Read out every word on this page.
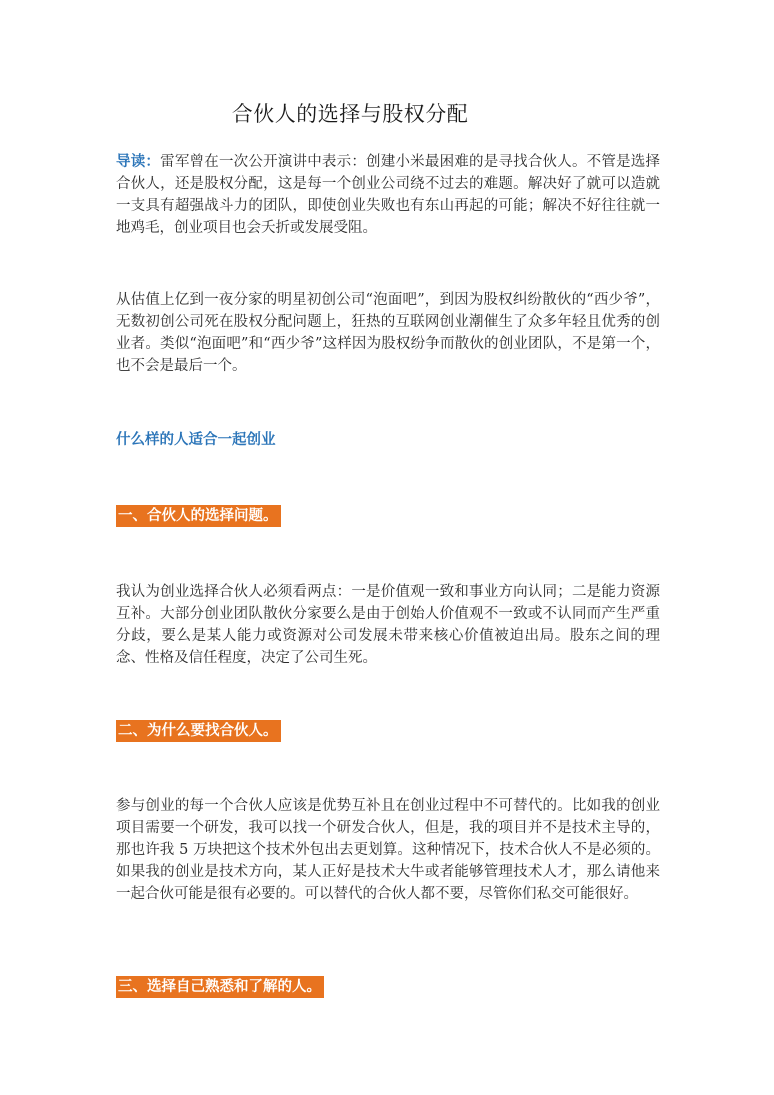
合伙人的选择与股权分配

导读：雷军曾在一次公开演讲中表示：创建小米最困难的是寻找合伙人。不管是选择合伙人，还是股权分配，这是每一个创业公司绕不过去的难题。解决好了就可以造就一支具有超强战斗力的团队，即使创业失败也有东山再起的可能；解决不好往往就一地鸡毛，创业项目也会夭折或发展受阻。

从估值上亿到一夜分家的明星初创公司“泡面吧”，到因为股权纠纷散伙的“西少爷”，无数初创公司死在股权分配问题上，狂热的互联网创业潮催生了众多年轻且优秀的创业者。类似“泡面吧”和“西少爷”这样因为股权纷争而散伙的创业团队，不是第一个，也不会是最后一个。

什么样的人适合一起创业

一、合伙人的选择问题。

我认为创业选择合伙人必须看两点：一是价值观一致和事业方向认同；二是能力资源互补。大部分创业团队散伙分家要么是由于创始人价值观不一致或不认同而产生严重分歧，要么是某人能力或资源对公司发展未带来核心价值被迫出局。股东之间的理念、性格及信任程度，决定了公司生死。

二、为什么要找合伙人。

参与创业的每一个合伙人应该是优势互补且在创业过程中不可替代的。比如我的创业项目需要一个研发，我可以找一个研发合伙人，但是，我的项目并不是技术主导的，那也许我 5 万块把这个技术外包出去更划算。这种情况下，技术合伙人不是必须的。如果我的创业是技术方向，某人正好是技术大牛或者能够管理技术人才，那么请他来一起合伙可能是很有必要的。可以替代的合伙人都不要，尽管你们私交可能很好。

三、选择自己熟悉和了解的人。
